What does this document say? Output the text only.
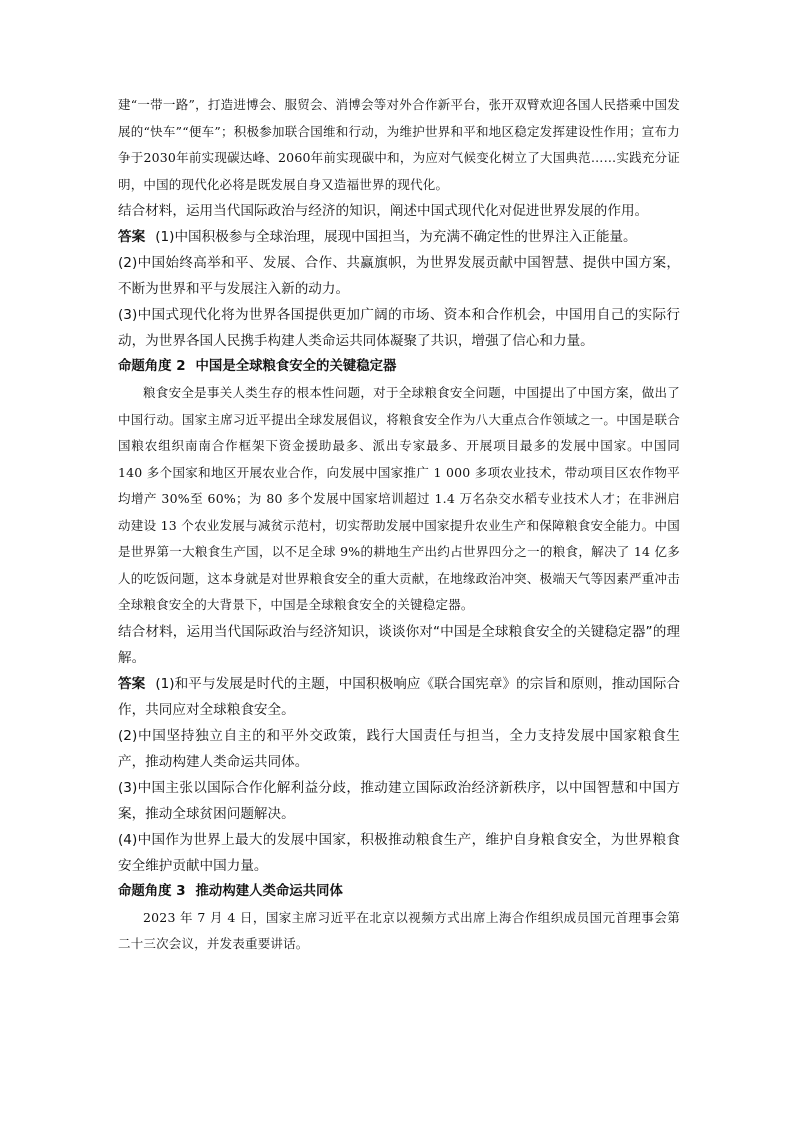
建“一带一路”，打造进博会、服贸会、消博会等对外合作新平台，张开双臂欢迎各国人民搭乘中国发展的“快车”“便车”；积极参加联合国维和行动，为维护世界和平和地区稳定发挥建设性作用；宣布力争于2030年前实现碳达峰、2060年前实现碳中和，为应对气候变化树立了大国典范……实践充分证明，中国的现代化必将是既发展自身又造福世界的现代化。

结合材料，运用当代国际政治与经济的知识，阐述中国式现代化对促进世界发展的作用。

答案 (1)中国积极参与全球治理，展现中国担当，为充满不确定性的世界注入正能量。

(2)中国始终高举和平、发展、合作、共赢旗帜，为世界发展贡献中国智慧、提供中国方案，不断为世界和平与发展注入新的动力。

(3)中国式现代化将为世界各国提供更加广阔的市场、资本和合作机会，中国用自己的实际行动，为世界各国人民携手构建人类命运共同体凝聚了共识，增强了信心和力量。

命题角度 2 中国是全球粮食安全的关键稳定器

粮食安全是事关人类生存的根本性问题，对于全球粮食安全问题，中国提出了中国方案，做出了中国行动。国家主席习近平提出全球发展倡议，将粮食安全作为八大重点合作领域之一。中国是联合国粮农组织南南合作框架下资金援助最多、派出专家最多、开展项目最多的发展中国家。中国同 140 多个国家和地区开展农业合作，向发展中国家推广 1 000 多项农业技术，带动项目区农作物平均增产 30%至 60%；为 80 多个发展中国家培训超过 1.4 万名杂交水稻专业技术人才；在非洲启动建设 13 个农业发展与减贫示范村，切实帮助发展中国家提升农业生产和保障粮食安全能力。中国是世界第一大粮食生产国，以不足全球 9%的耕地生产出约占世界四分之一的粮食，解决了 14 亿多人的吃饭问题，这本身就是对世界粮食安全的重大贡献，在地缘政治冲突、极端天气等因素严重冲击全球粮食安全的大背景下，中国是全球粮食安全的关键稳定器。

结合材料，运用当代国际政治与经济知识，谈谈你对“中国是全球粮食安全的关键稳定器”的理解。

答案 (1)和平与发展是时代的主题，中国积极响应《联合国宪章》的宗旨和原则，推动国际合作，共同应对全球粮食安全。

(2)中国坚持独立自主的和平外交政策，践行大国责任与担当，全力支持发展中国家粮食生产，推动构建人类命运共同体。

(3)中国主张以国际合作化解利益分歧，推动建立国际政治经济新秩序，以中国智慧和中国方案，推动全球贫困问题解决。

(4)中国作为世界上最大的发展中国家，积极推动粮食生产，维护自身粮食安全，为世界粮食安全维护贡献中国力量。

命题角度 3 推动构建人类命运共同体

2023 年 7 月 4 日，国家主席习近平在北京以视频方式出席上海合作组织成员国元首理事会第二十三次会议，并发表重要讲话。
